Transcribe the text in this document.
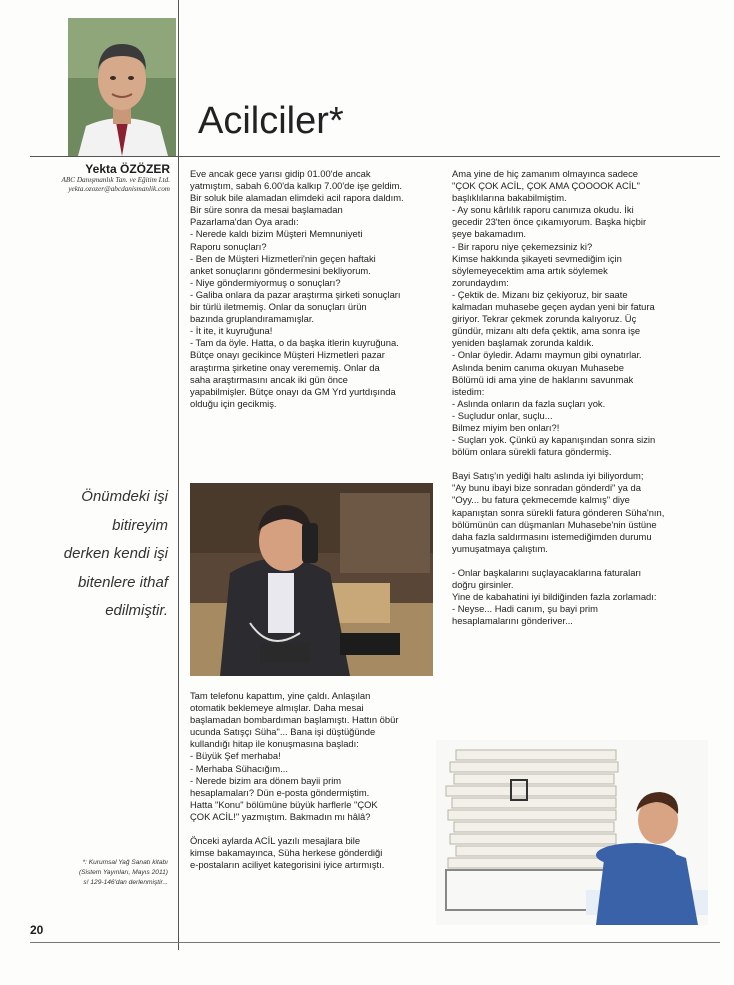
Acilciler*
Yekta ÖZÖZER
ABC Danışmanlık Tan. ve Eğitim Ltd.
yekta.ozozer@abcdanismanlik.com

Eve ancak gece yarısı gidip 01.00'de ancak

yatmıştım, sabah 6.00'da kalkıp 7.00'de işe geldim.

Bir soluk bile alamadan elimdeki acil rapora daldım.

Bir süre sonra da mesai başlamadan

Pazarlama'dan Oya aradı:

- Nerede kaldı bizim Müşteri Memnuniyeti

Raporu sonuçları?

- Ben de Müşteri Hizmetleri'nin geçen haftaki

anket sonuçlarını göndermesini bekliyorum.

- Niye göndermiyormuş o sonuçları?

- Galiba onlara da pazar araştırma şirketi sonuçları

bir türlü iletmemiş. Onlar da sonuçları ürün

bazında gruplandıramamışlar.

- İt ite, it kuyruğuna!

- Tam da öyle. Hatta, o da başka itlerin kuyruğuna.

Bütçe onayı gecikince Müşteri Hizmetleri pazar

araştırma şirketine onay verememiş. Onlar da

saha araştırmasını ancak iki gün önce

yapabilmişler. Bütçe onayı da GM Yrd yurtdışında

olduğu için gecikmiş.

Tam telefonu kapattım, yine çaldı. Anlaşılan

otomatik beklemeye almışlar. Daha mesai

başlamadan bombardıman başlamıştı. Hattın öbür

ucunda Satışçı Süha"... Bana işi düştüğünde

kullandığı hitap ile konuşmasına başladı:

- Büyük Şef merhaba!

- Merhaba Sühacığım...

- Nerede bizim ara dönem bayii prim

hesaplamaları? Dün e-posta göndermiştim.

Hatta "Konu" bölümüne büyük harflerle "ÇOK

ÇOK ACİL!" yazmıştım. Bakmadın mı hâlâ?

Önceki aylarda ACİL yazılı mesajlara bile

kimse bakamayınca, Süha herkese gönderdiği

e-postaların aciliyet kategorisini iyice artırmıştı.

Ama yine de hiç zamanım olmayınca sadece

"ÇOK ÇOK ACİL, ÇOK AMA ÇOOOOK ACİL"

başlıklılarına bakabilmiştim.

- Ay sonu kârlılık raporu canımıza okudu. İki

gecedir 23'ten önce çıkamıyorum. Başka hiçbir

şeye bakamadım.

- Bir raporu niye çekemezsiniz ki?

Kimse hakkında şikayeti sevmediğim için

söylemeyecektim ama artık söylemek

zorundaydım:

- Çektik de. Mizanı biz çekiyoruz, bir saate

kalmadan muhasebe geçen aydan yeni bir fatura

giriyor. Tekrar çekmek zorunda kalıyoruz. Üç

gündür, mizanı altı defa çektik, ama sonra işe

yeniden başlamak zorunda kaldık.

- Onlar öyledir. Adamı maymun gibi oynatırlar.

Aslında benim canıma okuyan Muhasebe

Bölümü idi ama yine de haklarını savunmak

istedim:

- Aslında onların da fazla suçları yok.

- Suçludur onlar, suçlu...

Bilmez miyim ben onları?!

- Suçları yok. Çünkü ay kapanışından sonra sizin

bölüm onlara sürekli fatura göndermiş.

Bayi Satış'ın yediği haltı aslında iyi biliyordum;

"Ay bunu ibayi bize sonradan gönderdi" ya da

"Oyy... bu fatura çekmecemde kalmış" diye

kapanıştan sonra sürekli fatura gönderen Süha'nın,

bölümünün can düşmanları Muhasebe'nin üstüne

daha fazla saldırmasını istemediğimden durumu

yumuşatmaya çalıştım.

- Onlar başkalarını suçlayacaklarına faturaları

doğru girsinler.

Yine de kabahatini iyi bildiğinden fazla zorlamadı:

- Neyse... Hadi canım, şu bayi prim

hesaplamalarını gönderiver...

Önümdeki işi
bitireyim
derken kendi işi
bitenlere ithaf
edilmiştir.
*: Kurumsal Yağ Sanatı kitabı
(Sistem Yayınları, Mayıs 2011)
s! 129-146'dan derlenmiştir...
20
